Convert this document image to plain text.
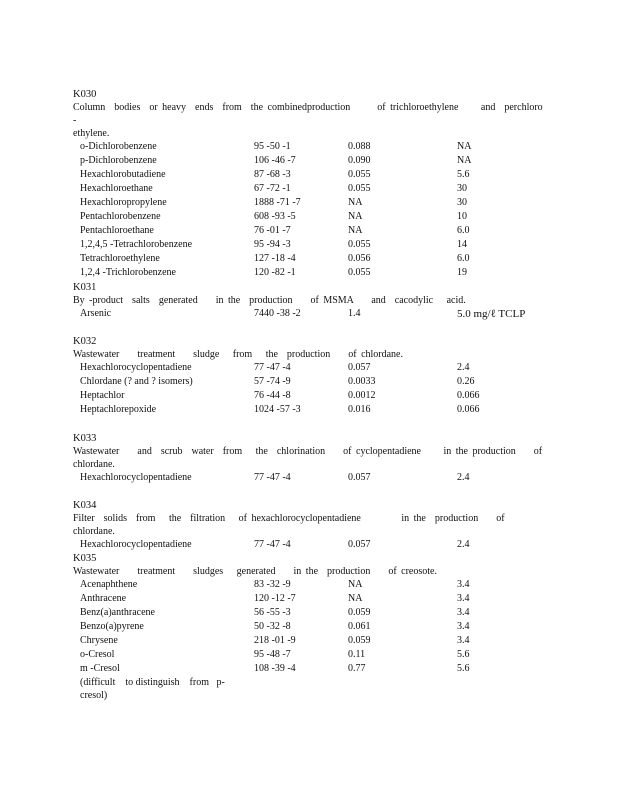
K030
Column  bodies  or heavy  ends  from  the combinedproduction      of trichloroethylene     and  perchloro   -
ethylene.
o-Dichlorobenzene	95 -50 -1	0.088	NA
p-Dichlorobenzene	106 -46 -7	0.090	NA
Hexachlorobutadiene	87 -68 -3	0.055	5.6
Hexachloroethane	67 -72 -1	0.055	30
Hexachloropropylene	1888 -71 -7	NA	30
Pentachlorobenzene	608 -93 -5	NA	10
Pentachloroethane	76 -01 -7	NA	6.0
1,2,4,5 -Tetrachlorobenzene	95 -94 -3	0.055	14
Tetrachloroethylene	127 -18 -4	0.056	6.0
1,2,4 -Trichlorobenzene	120 -82 -1	0.055	19
K031
By -product  salts  generated    in the  production    of MSMA    and  cacodylic   acid.
Arsenic	7440 -38 -2	1.4	5.0 mg/ℓ TCLP
K032
Wastewater    treatment    sludge   from   the  production    of chlordane.
Hexachlorocyclopentadiene	77 -47 -4	0.057	2.4
Chlordane (? and ? isomers)	57 -74 -9	0.0033	0.26
Heptachlor	76 -44 -8	0.0012	0.066
Heptachlorepoxide	1024 -57 -3	0.016	0.066
K033
Wastewater    and  scrub  water  from   the  chlorination    of cyclopentadiene     in the production    of
chlordane.
Hexachlorocyclopentadiene	77 -47 -4	0.057	2.4
K034
Filter  solids  from   the  filtration   of hexachlorocyclopentadiene         in the  production    of chlordane.
Hexachlorocyclopentadiene	77 -47 -4	0.057	2.4
K035
Wastewater    treatment    sludges   generated    in the  production    of creosote.
Acenaphthene	83 -32 -9	NA	3.4
Anthracene	120 -12 -7	NA	3.4
Benz(a)anthracene	56 -55 -3	0.059	3.4
Benzo(a)pyrene	50 -32 -8	0.061	3.4
Chrysene	218 -01 -9	0.059	3.4
o-Cresol	95 -48 -7	0.11	5.6
m -Cresol	108 -39 -4	0.77	5.6
(difficult    to distinguish    from   p-
cresol)
